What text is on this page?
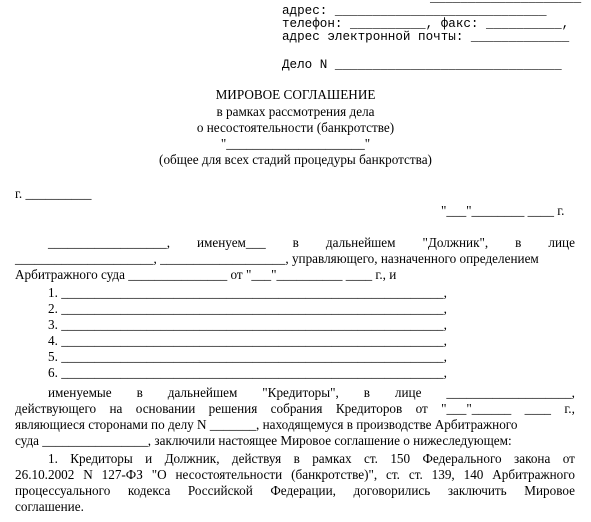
адрес: ____________________________
телефон: __________, факс: __________,
адрес электронной почты: _____________
Дело N ______________________________
МИРОВОЕ СОГЛАШЕНИЕ
в рамках рассмотрения дела
о несостоятельности (банкротстве)
"_____________________"
(общее для всех стадий процедуры банкротства)
г. __________
"___"________ ____ г.
__________________, именуем___ в дальнейшем "Должник", в лице
_____________________, ___________________, управляющего, назначенного определением
Арбитражного суда _______________ от "___"__________ ____ г., и
1. __________________________________________________________,
2. __________________________________________________________,
3. __________________________________________________________,
4. __________________________________________________________,
5. __________________________________________________________,
6. __________________________________________________________,
именуемые в дальнейшем "Кредиторы", в лице ___________________,
действующего на основании решения собрания Кредиторов от "___"______ ____ г.,
являющиеся сторонами по делу N _______, находящемуся в производстве Арбитражного
суда ________________, заключили настоящее Мировое соглашение о нижеследующем:
1. Кредиторы и Должник, действуя в рамках ст. 150 Федерального закона от
26.10.2002 N 127-ФЗ "О несостоятельности (банкротстве)", ст. ст. 139, 140 Арбитражного
процессуального кодекса Российской Федерации, договорились заключить Мировое
соглашение.
